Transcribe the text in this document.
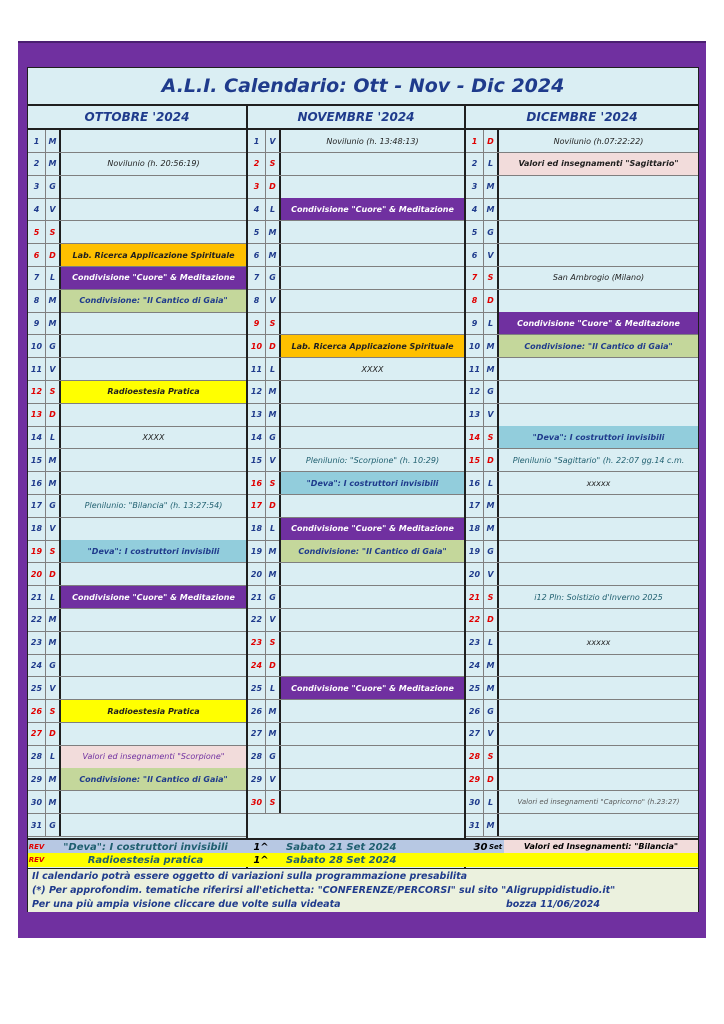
A.L.I. Calendario: Ott - Nov - Dic 2024
OTTOBRE '2024	NOVEMBRE '2024	DICEMBRE '2024
1	M
2	M	Novilunio (h. 20:56:19)
3	G
4	V
5	S
6	D	Lab. Ricerca Applicazione Spirituale
7	L	Condivisione "Cuore" & Meditazione
8	M	Condivisione: "Il Cantico di Gaia"
9	M
10 G
11 V
12 S	Radioestesia Pratica
13 D
14 L	XXXX
15 M
16 M
17 G	Plenilunio: "Bilancia" (h. 13:27:54)
18 V
19 S	"Deva": I costruttori invisibili
20 D
21 L	Condivisione "Cuore" & Meditazione
22 M
23 M
24 G
25 V
26 S	Radioestesia Pratica
27 D
28 L	Valori ed insegnamenti "Scorpione"
29 M	Condivisione: "Il Cantico di Gaia"
30 M
31 G
1	V	Novilunio (h. 13:48:13)
2	S
3	D
4	L	Condivisione "Cuore" & Meditazione
5	M
6	M
7	G
8	V
9	S
10 D	Lab. Ricerca Applicazione Spirituale
11 L	XXXX
12 M
13 M
14 G
15 V	Plenilunio: "Scorpione" (h. 10:29)
16 S	"Deva": I costruttori invisibili
17 D
18 L	Condivisione "Cuore" & Meditazione
19 M	Condivisione: "Il Cantico di Gaia"
20 M
21 G
22 V
23 S
24 D
25 L	Condivisione "Cuore" & Meditazione
26 M
27 M
28 G
29 V
30 S
1	D	Novilunio (h.07:22:22)
2	L	Valori ed insegnamenti "Sagittario"
3	M
4	M
5	G
6	V
7	S	San Ambrogio (Milano)
8	D
9	L	Condivisione "Cuore" & Meditazione
10 M	Condivisione: "Il Cantico di Gaia"
11 M
12 G
13 V
14 S	"Deva": I costruttori invisibili
15 D	Plenilunio "Sagittario" (h. 22:07 gg.14 c.m.
16 L	xxxxx
17 M
18 M
19 G
20 V
21 S	i12 Pln: Solstizio d'Inverno 2025
22 D
23 L	xxxxx
24 M
25 M
26 G
27 V
28 S
29 D
30 L	Valori ed insegnamenti "Capricorno" (h.23:27)
31 M
REV	"Deva": I costruttori invisibili	1^	Sabato 21 Set 2024	30 Set	Valori ed Insegnamenti: "Bilancia"
REV	Radioestesia pratica	1^	Sabato 28 Set 2024
Il calendario potrà essere oggetto di variazioni sulla programmazione presabilita
(*) Per approfondim. tematiche riferirsi all'etichetta: "CONFERENZE/PERCORSI" sul sito "Aligruppidistudio.it"
Per una più ampia visione cliccare due volte sulla videata	bozza 11/06/2024
